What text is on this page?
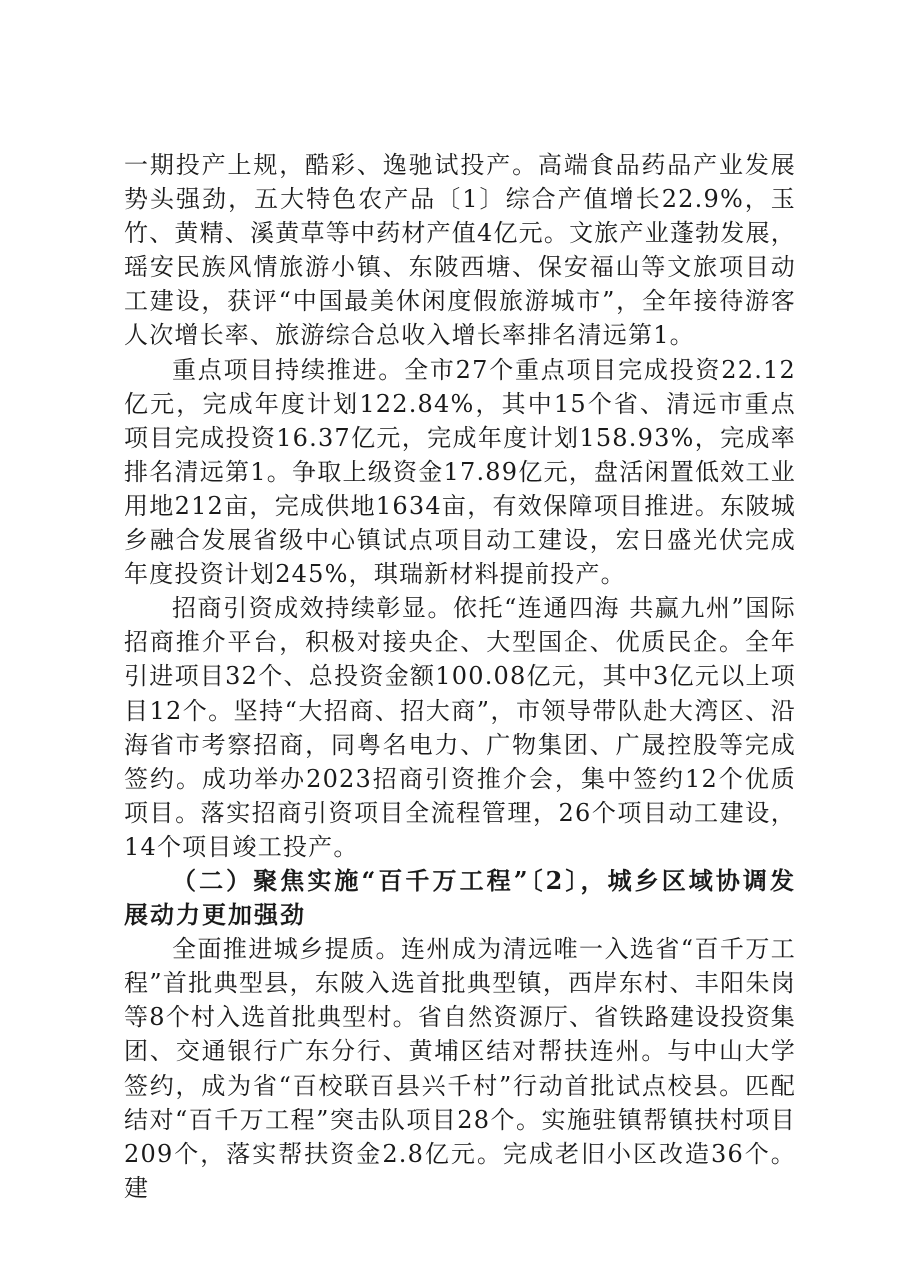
一期投产上规，酷彩、逸驰试投产。高端食品药品产业发展势头强劲，五大特色农产品〔1〕综合产值增长22.9%，玉竹、黄精、溪黄草等中药材产值4亿元。文旅产业蓬勃发展，瑶安民族风情旅游小镇、东陂西塘、保安福山等文旅项目动工建设，获评“中国最美休闲度假旅游城市”，全年接待游客人次增长率、旅游综合总收入增长率排名清远第1。

重点项目持续推进。全市27个重点项目完成投资22.12亿元，完成年度计划122.84%，其中15个省、清远市重点项目完成投资16.37亿元，完成年度计划158.93%，完成率排名清远第1。争取上级资金17.89亿元，盘活闲置低效工业用地212亩，完成供地1634亩，有效保障项目推进。东陂城乡融合发展省级中心镇试点项目动工建设，宏日盛光伏完成年度投资计划245%，琪瑞新材料提前投产。

招商引资成效持续彰显。依托“连通四海 共赢九州”国际招商推介平台，积极对接央企、大型国企、优质民企。全年引进项目32个、总投资金额100.08亿元，其中3亿元以上项目12个。坚持“大招商、招大商”，市领导带队赴大湾区、沿海省市考察招商，同粤名电力、广物集团、广晟控股等完成签约。成功举办2023招商引资推介会，集中签约12个优质项目。落实招商引资项目全流程管理，26个项目动工建设，14个项目竣工投产。

（二）聚焦实施“百千万工程”〔2〕，城乡区域协调发展动力更加强劲

全面推进城乡提质。连州成为清远唯一入选省“百千万工程”首批典型县，东陂入选首批典型镇，西岸东村、丰阳朱岗等8个村入选首批典型村。省自然资源厅、省铁路建设投资集团、交通银行广东分行、黄埔区结对帮扶连州。与中山大学签约，成为省“百校联百县兴千村”行动首批试点校县。匹配结对“百千万工程”突击队项目28个。实施驻镇帮镇扶村项目209个，落实帮扶资金2.8亿元。完成老旧小区改造36个。建
